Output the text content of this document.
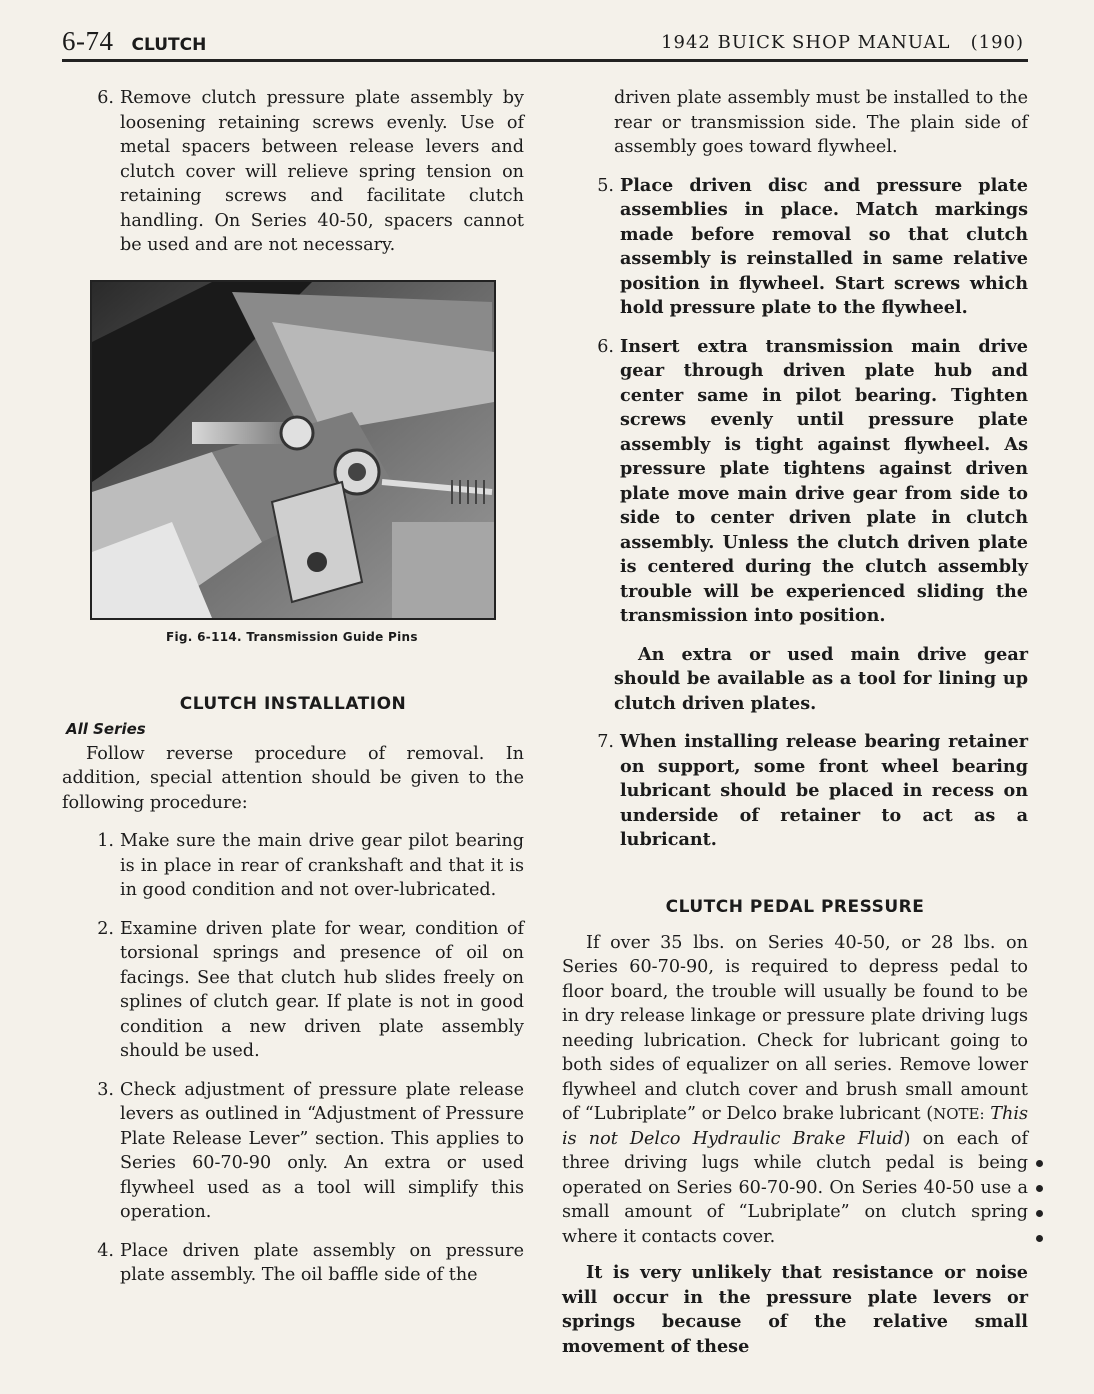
6-74 CLUTCH	1942 BUICK SHOP MANUAL (190)
6. Remove clutch pressure plate assembly by loosening retaining screws evenly. Use of metal spacers between release levers and clutch cover will relieve spring tension on retaining screws and facilitate clutch handling. On Series 40-50, spacers cannot be used and are not necessary.

Fig. 6-114. Transmission Guide Pins
CLUTCH INSTALLATION
All Series

Follow reverse procedure of removal. In addition, special attention should be given to the following procedure:

1. Make sure the main drive gear pilot bearing is in place in rear of crankshaft and that it is in good condition and not over-lubricated.

2. Examine driven plate for wear, condition of torsional springs and presence of oil on facings. See that clutch hub slides freely on splines of clutch gear. If plate is not in good condition a new driven plate assembly should be used.

3. Check adjustment of pressure plate release levers as outlined in “Adjustment of Pressure Plate Release Lever” section. This applies to Series 60-70-90 only. An extra or used flywheel used as a tool will simplify this operation.

4. Place driven plate assembly on pressure plate assembly. The oil baffle side of the

driven plate assembly must be installed to the rear or transmission side. The plain side of assembly goes toward flywheel.

5. Place driven disc and pressure plate assemblies in place. Match markings made before removal so that clutch assembly is reinstalled in same relative position in flywheel. Start screws which hold pressure plate to the flywheel.

6. Insert extra transmission main drive gear through driven plate hub and center same in pilot bearing. Tighten screws evenly until pressure plate assembly is tight against flywheel. As pressure plate tightens against driven plate move main drive gear from side to side to center driven plate in clutch assembly. Unless the clutch driven plate is centered during the clutch assembly trouble will be experienced sliding the transmission into position.

An extra or used main drive gear should be available as a tool for lining up clutch driven plates.

7. When installing release bearing retainer on support, some front wheel bearing lubricant should be placed in recess on underside of retainer to act as a lubricant.

CLUTCH PEDAL PRESSURE

If over 35 lbs. on Series 40-50, or 28 lbs. on Series 60-70-90, is required to depress pedal to floor board, the trouble will usually be found to be in dry release linkage or pressure plate driving lugs needing lubrication. Check for lubricant going to both sides of equalizer on all series. Remove lower flywheel and clutch cover and brush small amount of “Lubriplate” or Delco brake lubricant (NOTE: This is not Delco Hydraulic Brake Fluid) on each of three driving lugs while clutch pedal is being operated on Series 60-70-90. On Series 40-50 use a small amount of “Lubriplate” on clutch spring where it contacts cover.

It is very unlikely that resistance or noise will occur in the pressure plate levers or springs because of the relative small movement of these
